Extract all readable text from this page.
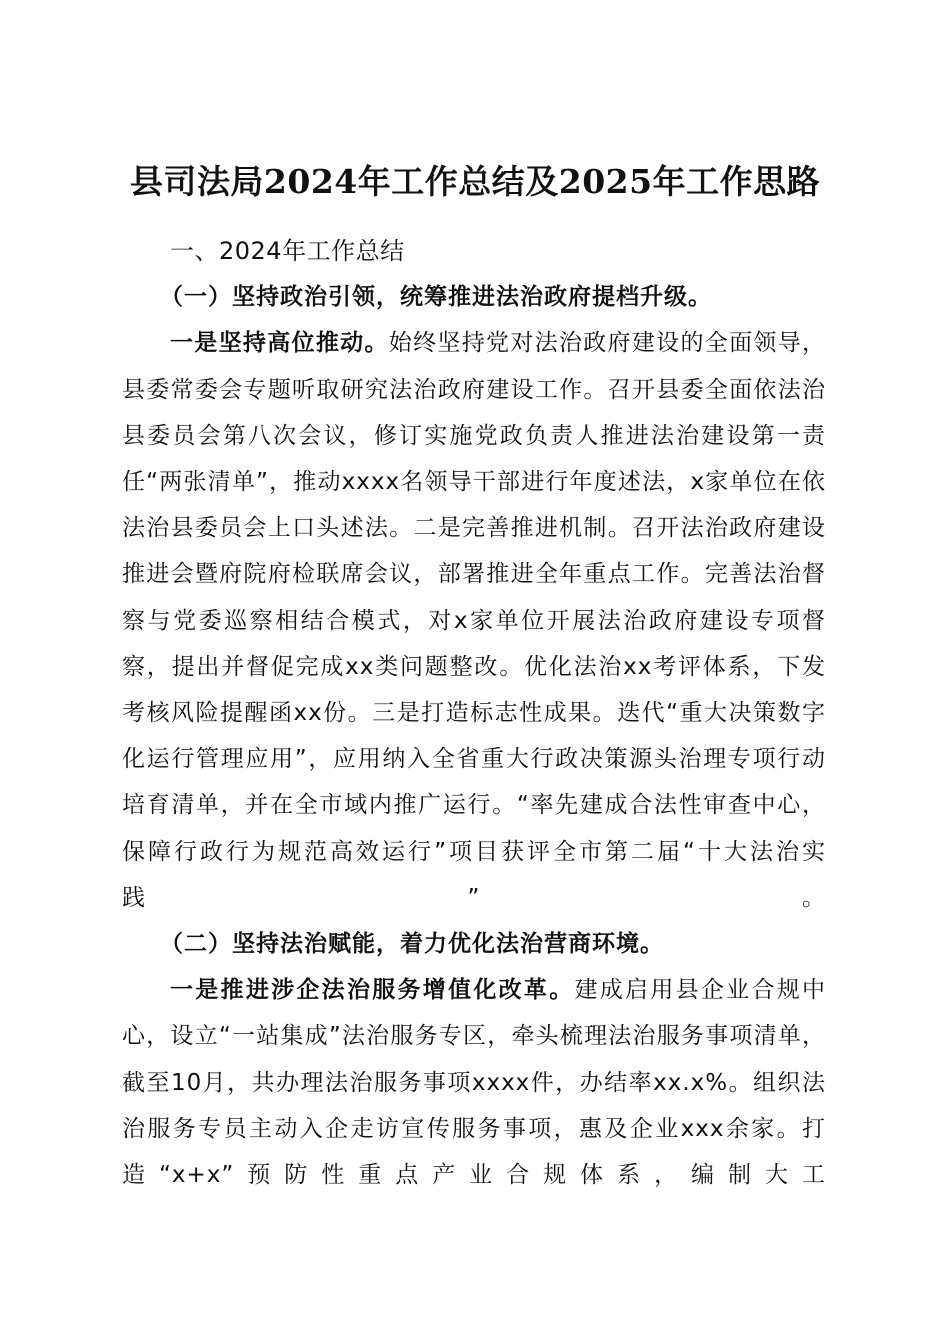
县司法局2024年工作总结及2025年工作思路

一、2024年工作总结

（一）坚持政治引领，统筹推进法治政府提档升级。

一是坚持高位推动。始终坚持党对法治政府建设的全面领导，县委常委会专题听取研究法治政府建设工作。召开县委全面依法治县委员会第八次会议，修订实施党政负责人推进法治建设第一责任“两张清单”，推动xxxx名领导干部进行年度述法，x家单位在依法治县委员会上口头述法。二是完善推进机制。召开法治政府建设推进会暨府院府检联席会议，部署推进全年重点工作。完善法治督察与党委巡察相结合模式，对x家单位开展法治政府建设专项督察，提出并督促完成xx类问题整改。优化法治xx考评体系，下发考核风险提醒函xx份。三是打造标志性成果。迭代“重大决策数字化运行管理应用”，应用纳入全省重大行政决策源头治理专项行动培育清单，并在全市域内推广运行。“率先建成合法性审查中心，保障行政行为规范高效运行”项目获评全市第二届“十大法治实践”。

（二）坚持法治赋能，着力优化法治营商环境。

一是推进涉企法治服务增值化改革。建成启用县企业合规中心，设立“一站集成”法治服务专区，牵头梳理法治服务事项清单，截至10月，共办理法治服务事项xxxx件，办结率xx.x%。组织法治服务专员主动入企走访宣传服务事项，惠及企业xxx余家。打造“x+x”预防性重点产业合规体系，编制大工
